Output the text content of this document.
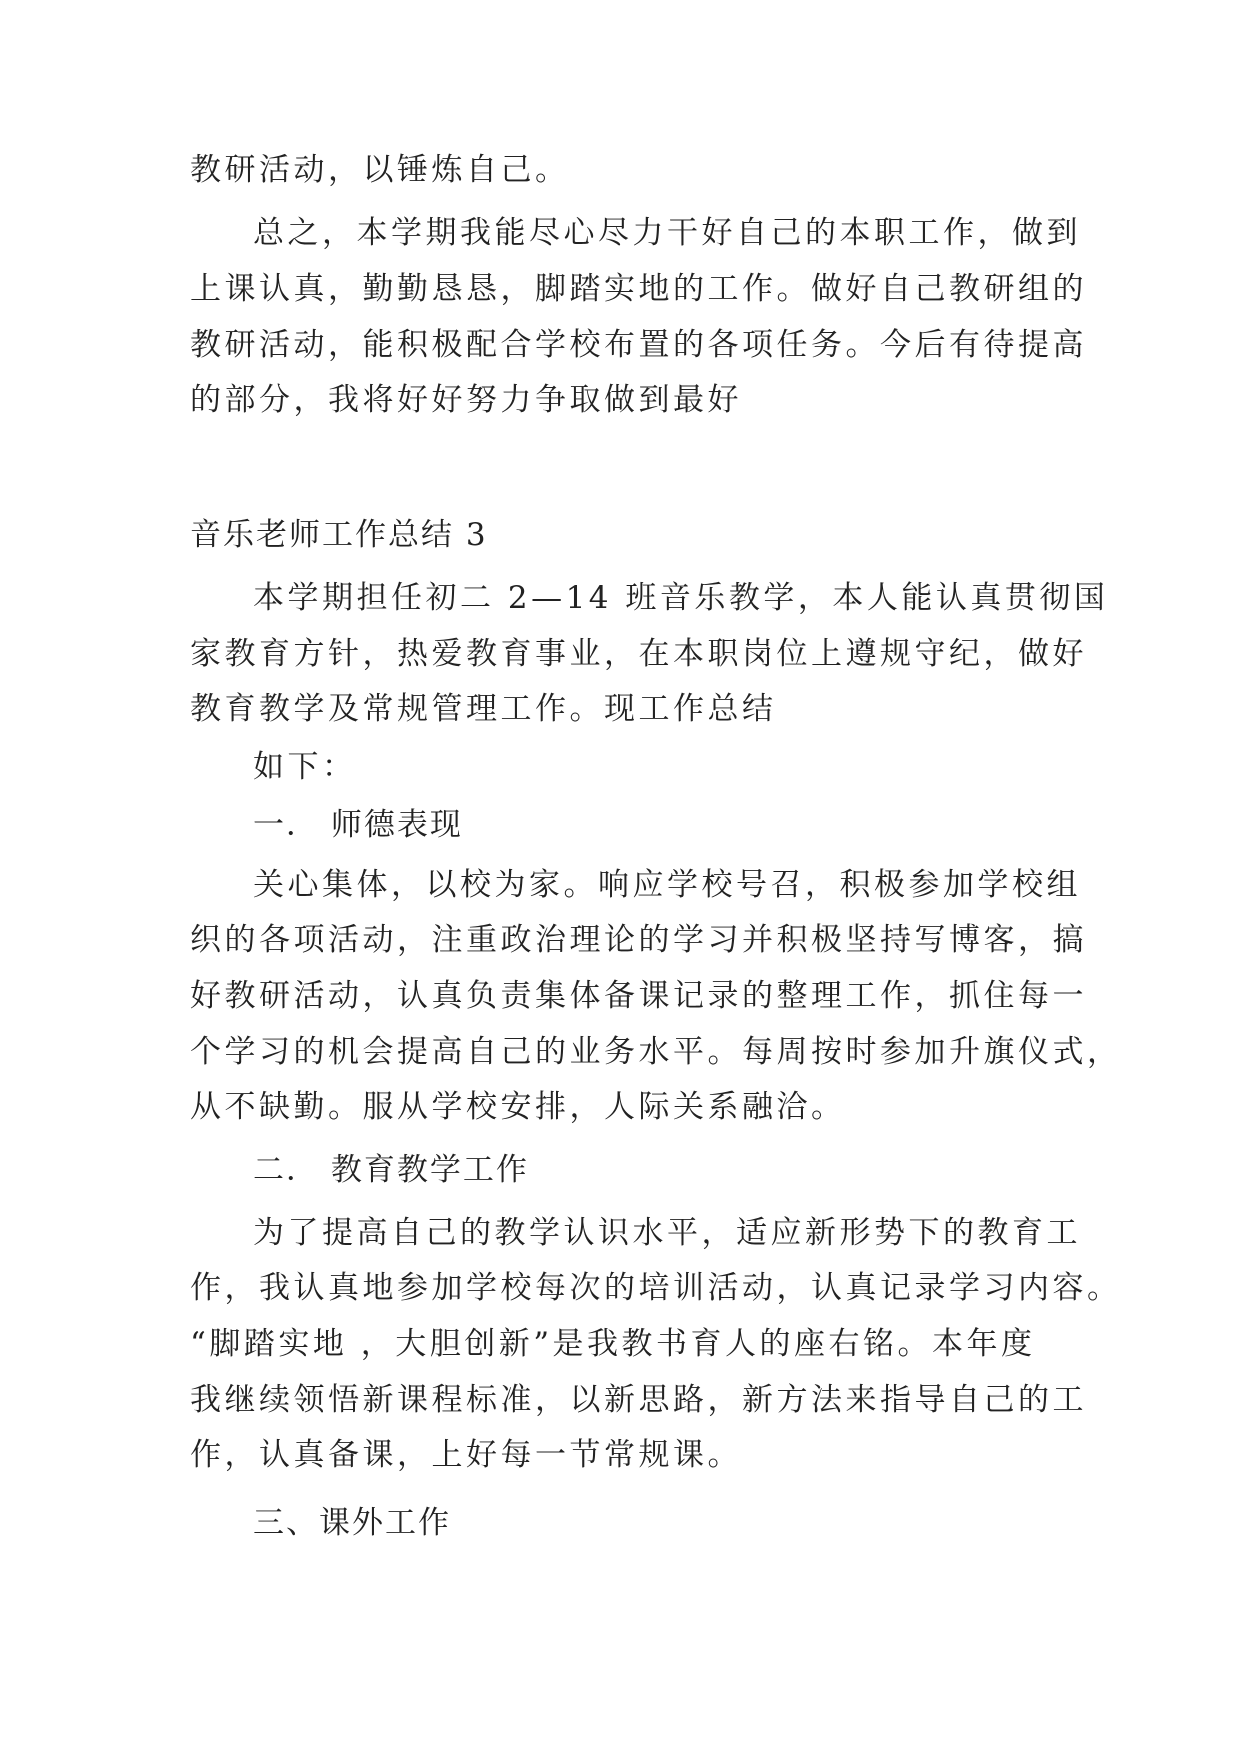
教研活动，以锤炼自己。
总之，本学期我能尽心尽力干好自己的本职工作，做到
上课认真，勤勤恳恳，脚踏实地的工作。做好自己教研组的
教研活动，能积极配合学校布置的各项任务。今后有待提高
的部分，我将好好努力争取做到最好
音乐老师工作总结 3
本学期担任初二 2—14 班音乐教学，本人能认真贯彻国
家教育方针，热爱教育事业，在本职岗位上遵规守纪，做好
教育教学及常规管理工作。现工作总结
如下：
一． 师德表现
关心集体，以校为家。响应学校号召，积极参加学校组
织的各项活动，注重政治理论的学习并积极坚持写博客，搞
好教研活动，认真负责集体备课记录的整理工作，抓住每一
个学习的机会提高自己的业务水平。每周按时参加升旗仪式，
从不缺勤。服从学校安排，人际关系融洽。
二． 教育教学工作
为了提高自己的教学认识水平，适应新形势下的教育工
作，我认真地参加学校每次的培训活动，认真记录学习内容。
“脚踏实地 ，大胆创新”是我教书育人的座右铭。本年度
我继续领悟新课程标准，以新思路，新方法来指导自己的工
作，认真备课，上好每一节常规课。
三、课外工作
